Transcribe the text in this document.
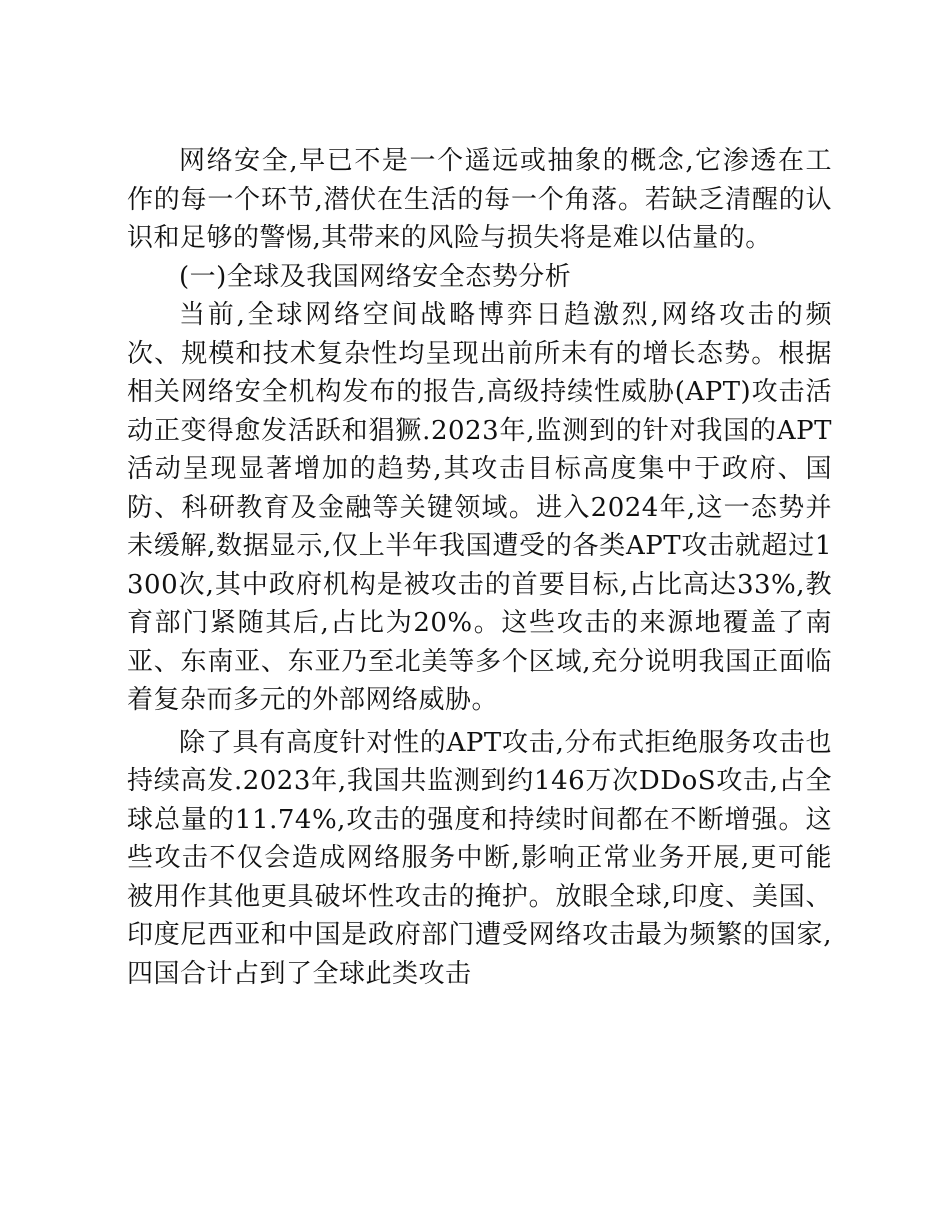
网络安全,早已不是一个遥远或抽象的概念,它渗透在工作的每一个环节,潜伏在生活的每一个角落。若缺乏清醒的认识和足够的警惕,其带来的风险与损失将是难以估量的。

(一)全球及我国网络安全态势分析

当前,全球网络空间战略博弈日趋激烈,网络攻击的频次、规模和技术复杂性均呈现出前所未有的增长态势。根据相关网络安全机构发布的报告,高级持续性威胁(APT)攻击活动正变得愈发活跃和猖獗.2023年,监测到的针对我国的APT活动呈现显著增加的趋势,其攻击目标高度集中于政府、国防、科研教育及金融等关键领域。进入2024年,这一态势并未缓解,数据显示,仅上半年我国遭受的各类APT攻击就超过1300次,其中政府机构是被攻击的首要目标,占比高达33%,教育部门紧随其后,占比为20%。这些攻击的来源地覆盖了南亚、东南亚、东亚乃至北美等多个区域,充分说明我国正面临着复杂而多元的外部网络威胁。

除了具有高度针对性的APT攻击,分布式拒绝服务攻击也持续高发.2023年,我国共监测到约146万次DDoS攻击,占全球总量的11.74%,攻击的强度和持续时间都在不断增强。这些攻击不仅会造成网络服务中断,影响正常业务开展,更可能被用作其他更具破坏性攻击的掩护。放眼全球,印度、美国、印度尼西亚和中国是政府部门遭受网络攻击最为频繁的国家,四国合计占到了全球此类攻击
